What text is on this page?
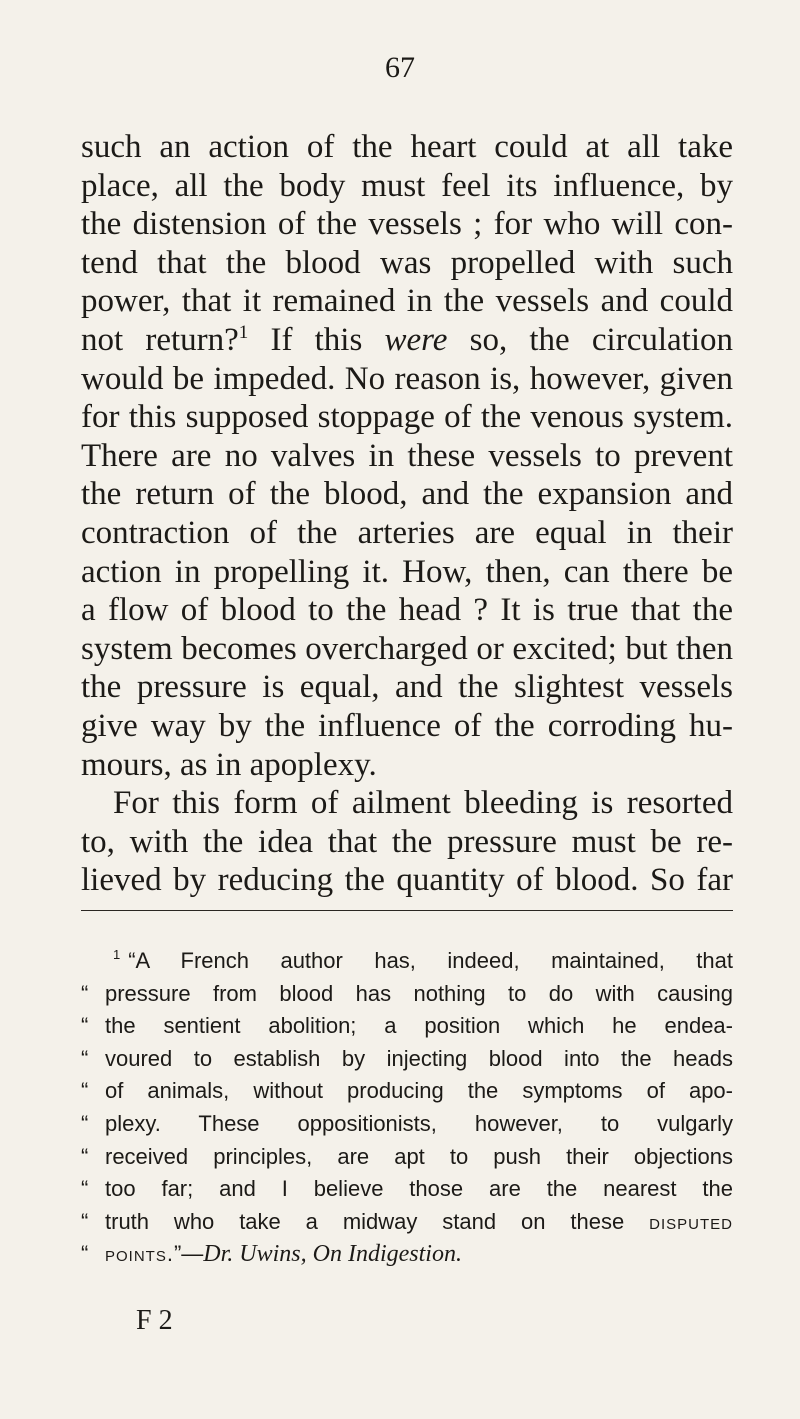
67
such an action of the heart could at all take
place, all the body must feel its influence, by
the distension of the vessels ; for who will con-
tend that the blood was propelled with such
power, that it remained in the vessels and could
not return?$^1$ If this were so, the circulation
would be impeded. No reason is, however, given
for this supposed stoppage of the venous system.
There are no valves in these vessels to prevent
the return of the blood, and the expansion and
contraction of the arteries are equal in their
action in propelling it. How, then, can there be
a flow of blood to the head ? It is true that the
system becomes overcharged or excited; but then
the pressure is equal, and the slightest vessels
give way by the influence of the corroding hu-
mours, as in apoplexy.
For this form of ailment bleeding is resorted
to, with the idea that the pressure must be re-
lieved by reducing the quantity of blood. So far
$^1$ “A French author has, indeed, maintained, that
“ pressure from blood has nothing to do with causing
“ the sentient abolition; a position which he endea-
“ voured to establish by injecting blood into the heads
“ of animals, without producing the symptoms of apo-
“ plexy. These oppositionists, however, to vulgarly
“ received principles, are apt to push their objections
“ too far; and I believe those are the nearest the
“ truth who take a midway stand on these disputed
“ points.”—Dr. Uwins, On Indigestion.
F 2
